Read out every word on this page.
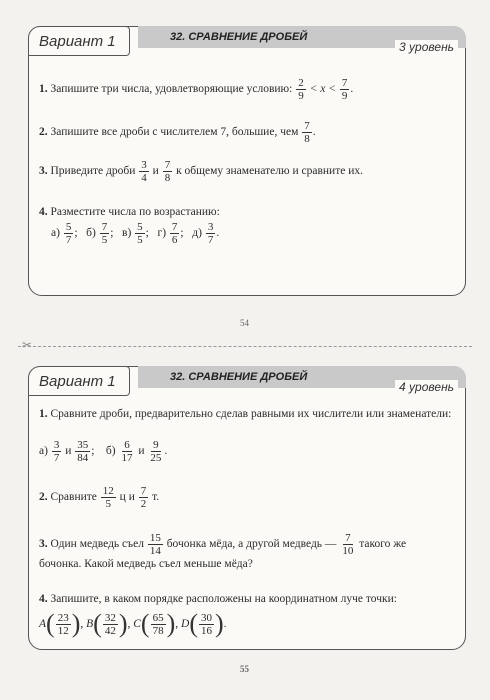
Вариант 1	32. СРАВНЕНИЕ ДРОБЕЙ
3 уровень
1. Запишите три числа, удовлетворяющие условию: $\frac{2}{9} < x < \frac{7}{9}$ .
2. Запишите все дроби с числителем 7, большие, чем $\frac{7}{8}$ .
3. Приведите дроби $\frac{3}{4}$ и $\frac{7}{8}$ к общему знаменателю и сравните их.
4. Разместите числа по возрастанию:
$а) \frac{5}{7}$ ; $б) \frac{7}{5}$ ; $в) \frac{5}{5}$ ; $г) \frac{7}{6}$ ; $д) \frac{3}{7}$ .
54
✂
Вариант 1	32. СРАВНЕНИЕ ДРОБЕЙ
4 уровень
1. Сравните дроби, предварительно сделав равными их числители или знаменатели:
$а) \frac{3}{7}$ и $\frac{35}{84}$ ;    $б) \frac{6}{17}$ и $\frac{9}{25}$ .
2. Сравните $\frac{12}{5}$ ц и $\frac{7}{2} т$.
3. Один медведь съел $\frac{15}{14}$ бочонка мёда, а другой медведь — $\frac{7}{10}$ такого же
бочонка. Какой медведь съел меньше мёда?
4. Запишите, в каком порядке расположены на координатном луче точки:
A ( 23
12 ) , B ( 32
42 ) , C ( 65
78 ) , D ( 30
16 ) .
55
